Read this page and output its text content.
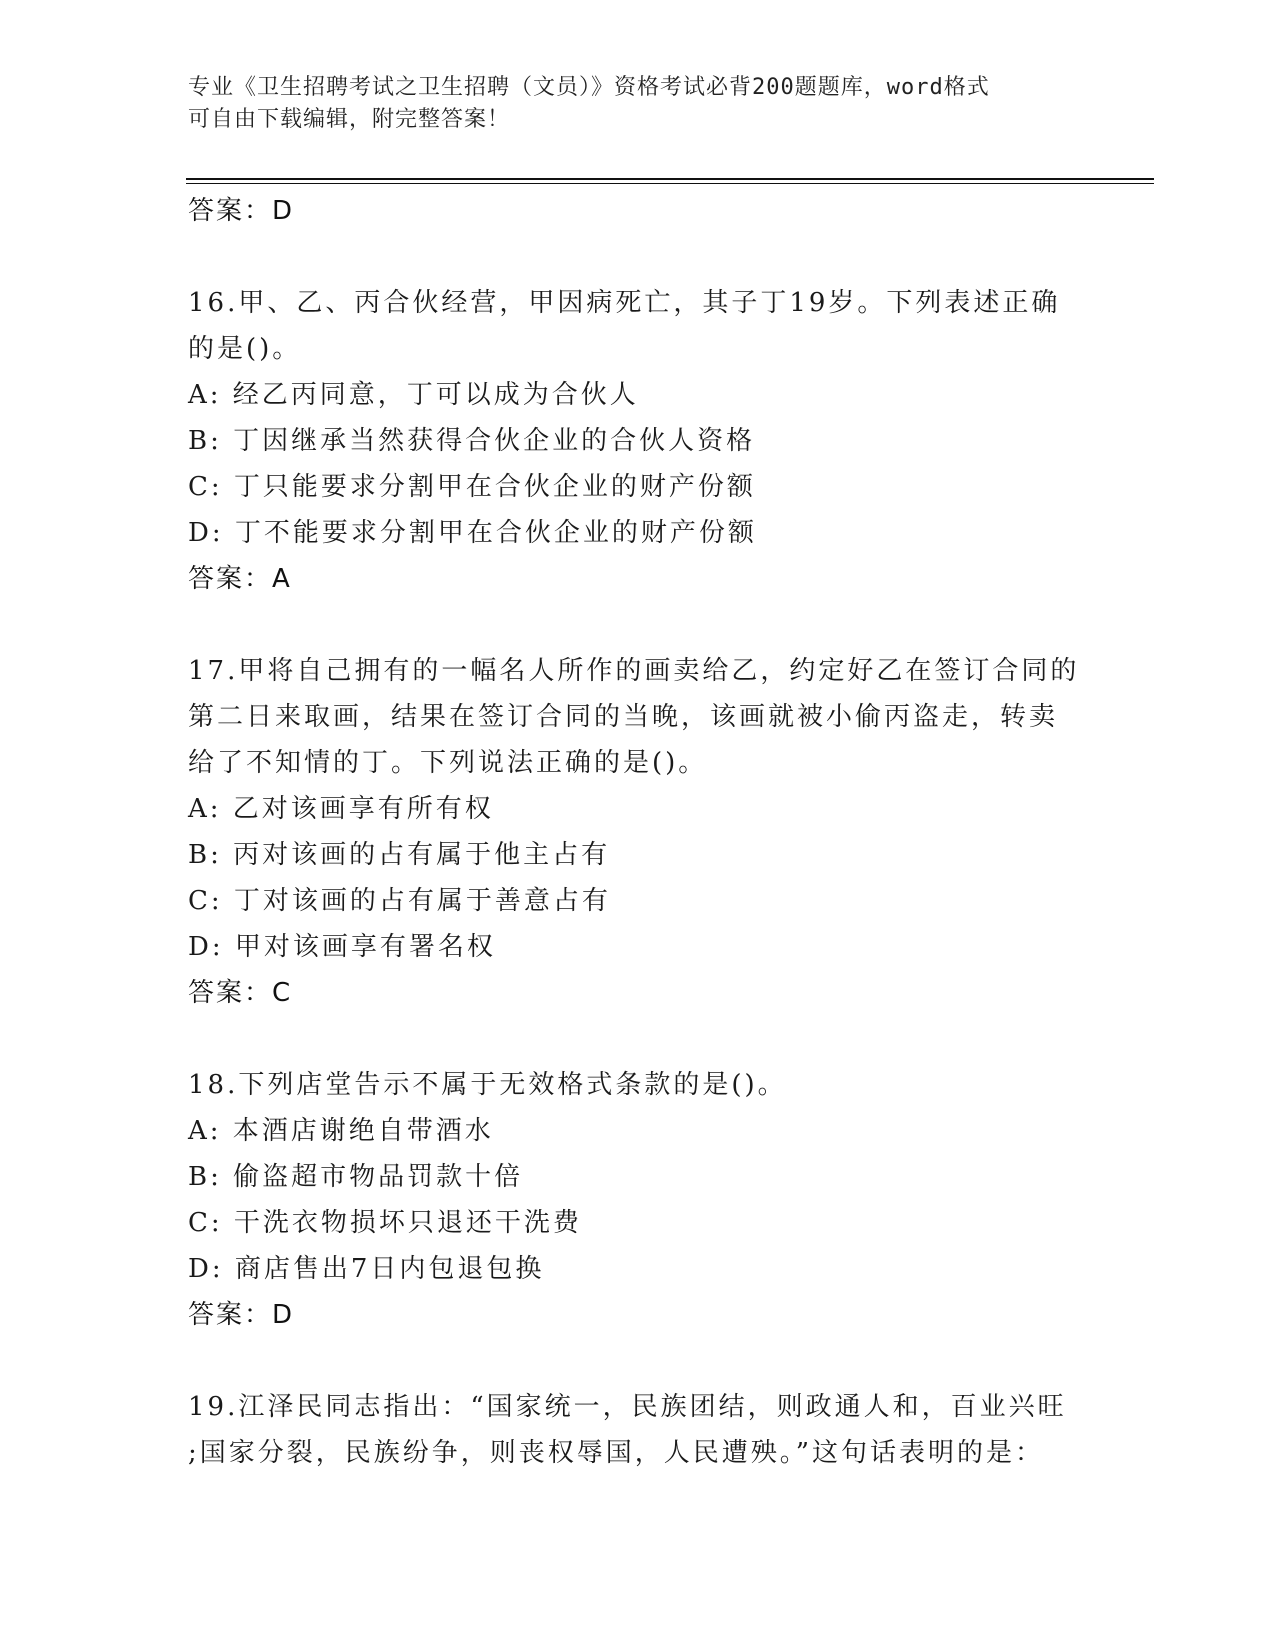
专业《卫生招聘考试之卫生招聘（文员）》资格考试必背200题题库，word格式
可自由下载编辑，附完整答案！
答案：D
16.甲、乙、丙合伙经营，甲因病死亡，其子丁19岁。下列表述正确
的是()。
A: 经乙丙同意，丁可以成为合伙人
B: 丁因继承当然获得合伙企业的合伙人资格
C: 丁只能要求分割甲在合伙企业的财产份额
D: 丁不能要求分割甲在合伙企业的财产份额
答案：A
17.甲将自己拥有的一幅名人所作的画卖给乙，约定好乙在签订合同的
第二日来取画，结果在签订合同的当晚，该画就被小偷丙盗走，转卖
给了不知情的丁。下列说法正确的是()。
A: 乙对该画享有所有权
B: 丙对该画的占有属于他主占有
C: 丁对该画的占有属于善意占有
D: 甲对该画享有署名权
答案：C
18.下列店堂告示不属于无效格式条款的是()。
A: 本酒店谢绝自带酒水
B: 偷盗超市物品罚款十倍
C: 干洗衣物损坏只退还干洗费
D: 商店售出7日内包退包换
答案：D
19.江泽民同志指出：“国家统一，民族团结，则政通人和，百业兴旺
;国家分裂，民族纷争，则丧权辱国，人民遭殃。”这句话表明的是：
